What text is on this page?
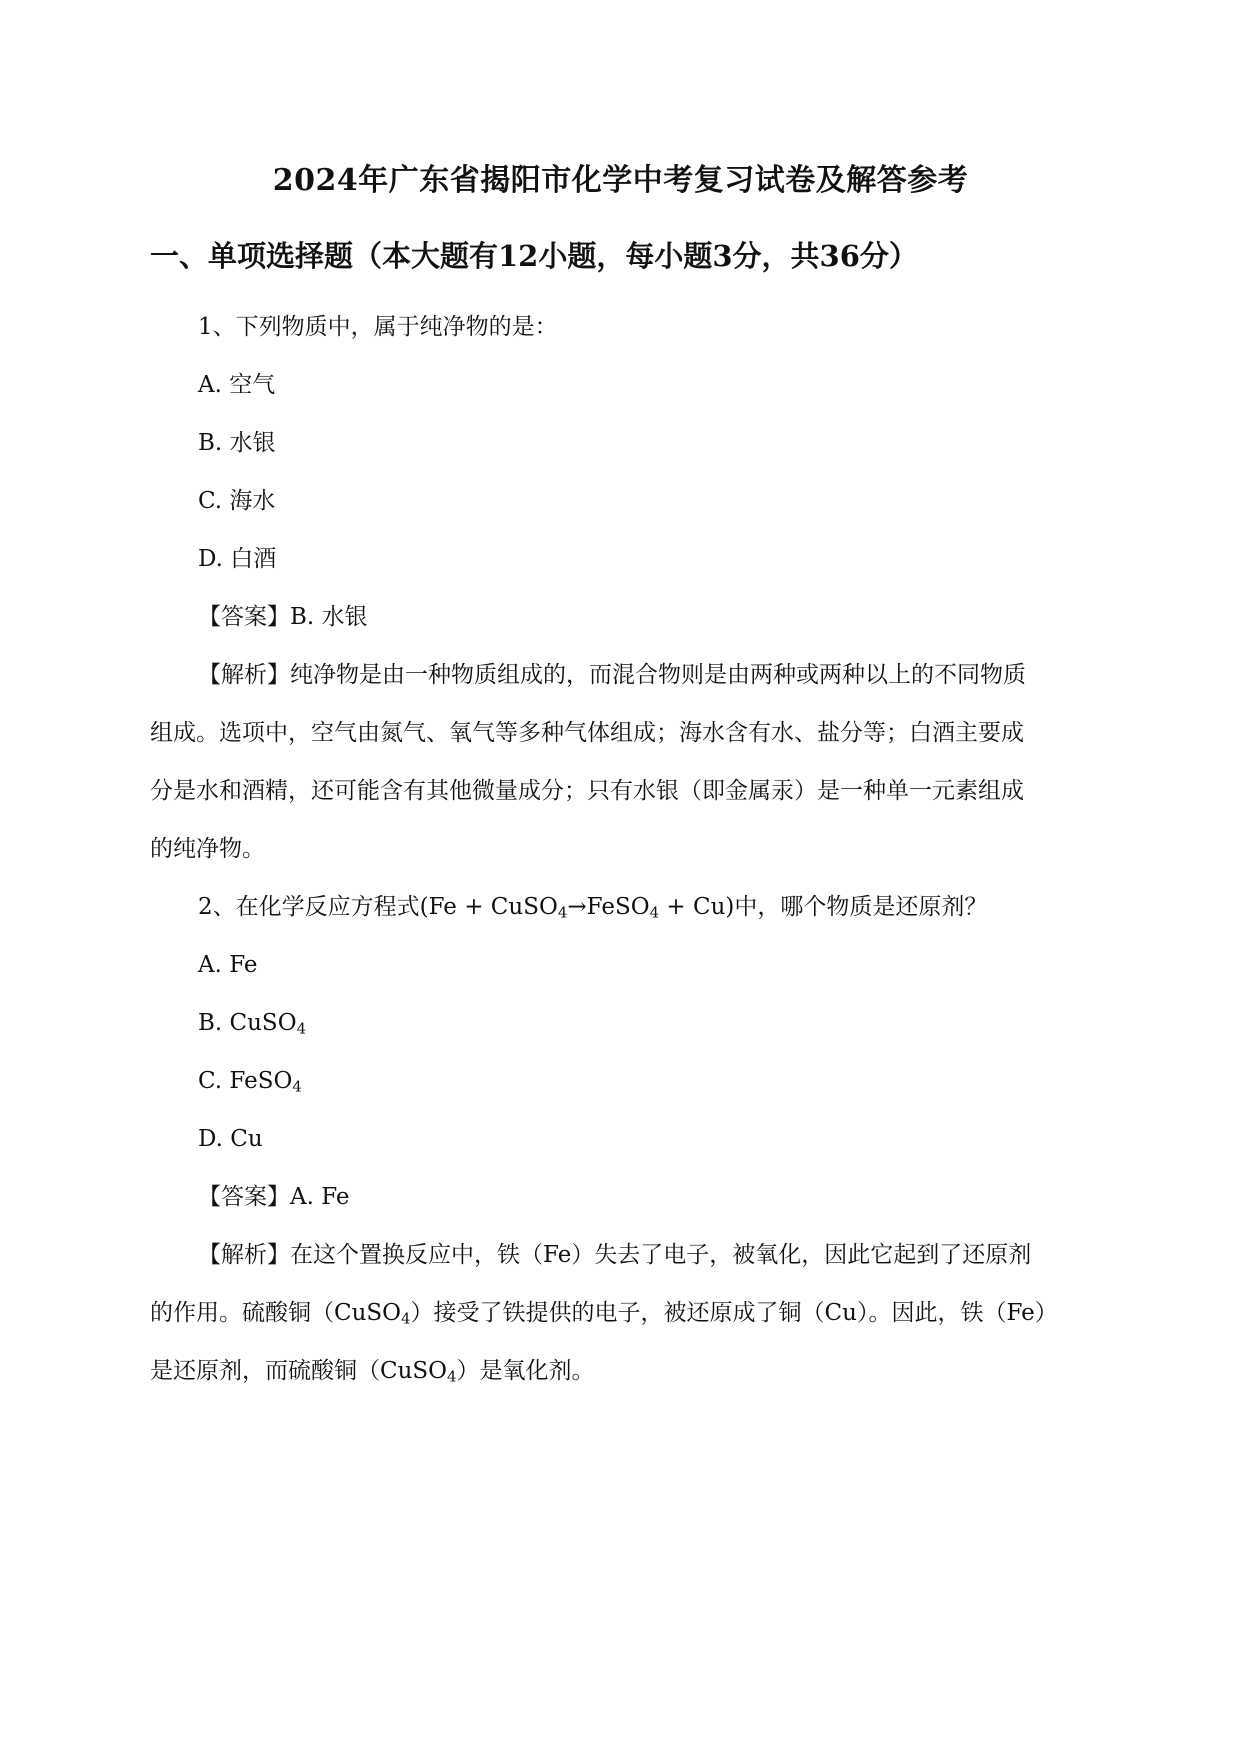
2024年广东省揭阳市化学中考复习试卷及解答参考
一、单项选择题（本大题有12小题，每小题3分，共36分）
1、下列物质中，属于纯净物的是：
A. 空气
B. 水银
C. 海水
D. 白酒
【答案】B. 水银
【解析】纯净物是由一种物质组成的，而混合物则是由两种或两种以上的不同物质
组成。选项中，空气由氮气、氧气等多种气体组成；海水含有水、盐分等；白酒主要成
分是水和酒精，还可能含有其他微量成分；只有水银（即金属汞）是一种单一元素组成
的纯净物。
2、在化学反应方程式(Fe + CuSO$_4$→FeSO$_4$ + Cu)中，哪个物质是还原剂？
A. Fe
B. CuSO$_4$
C. FeSO$_4$
D. Cu
【答案】A. Fe
【解析】在这个置换反应中，铁（Fe）失去了电子，被氧化，因此它起到了还原剂
的作用。硫酸铜（CuSO$_4$）接受了铁提供的电子，被还原成了铜（Cu）。因此，铁（Fe）
是还原剂，而硫酸铜（CuSO$_4$）是氧化剂。
